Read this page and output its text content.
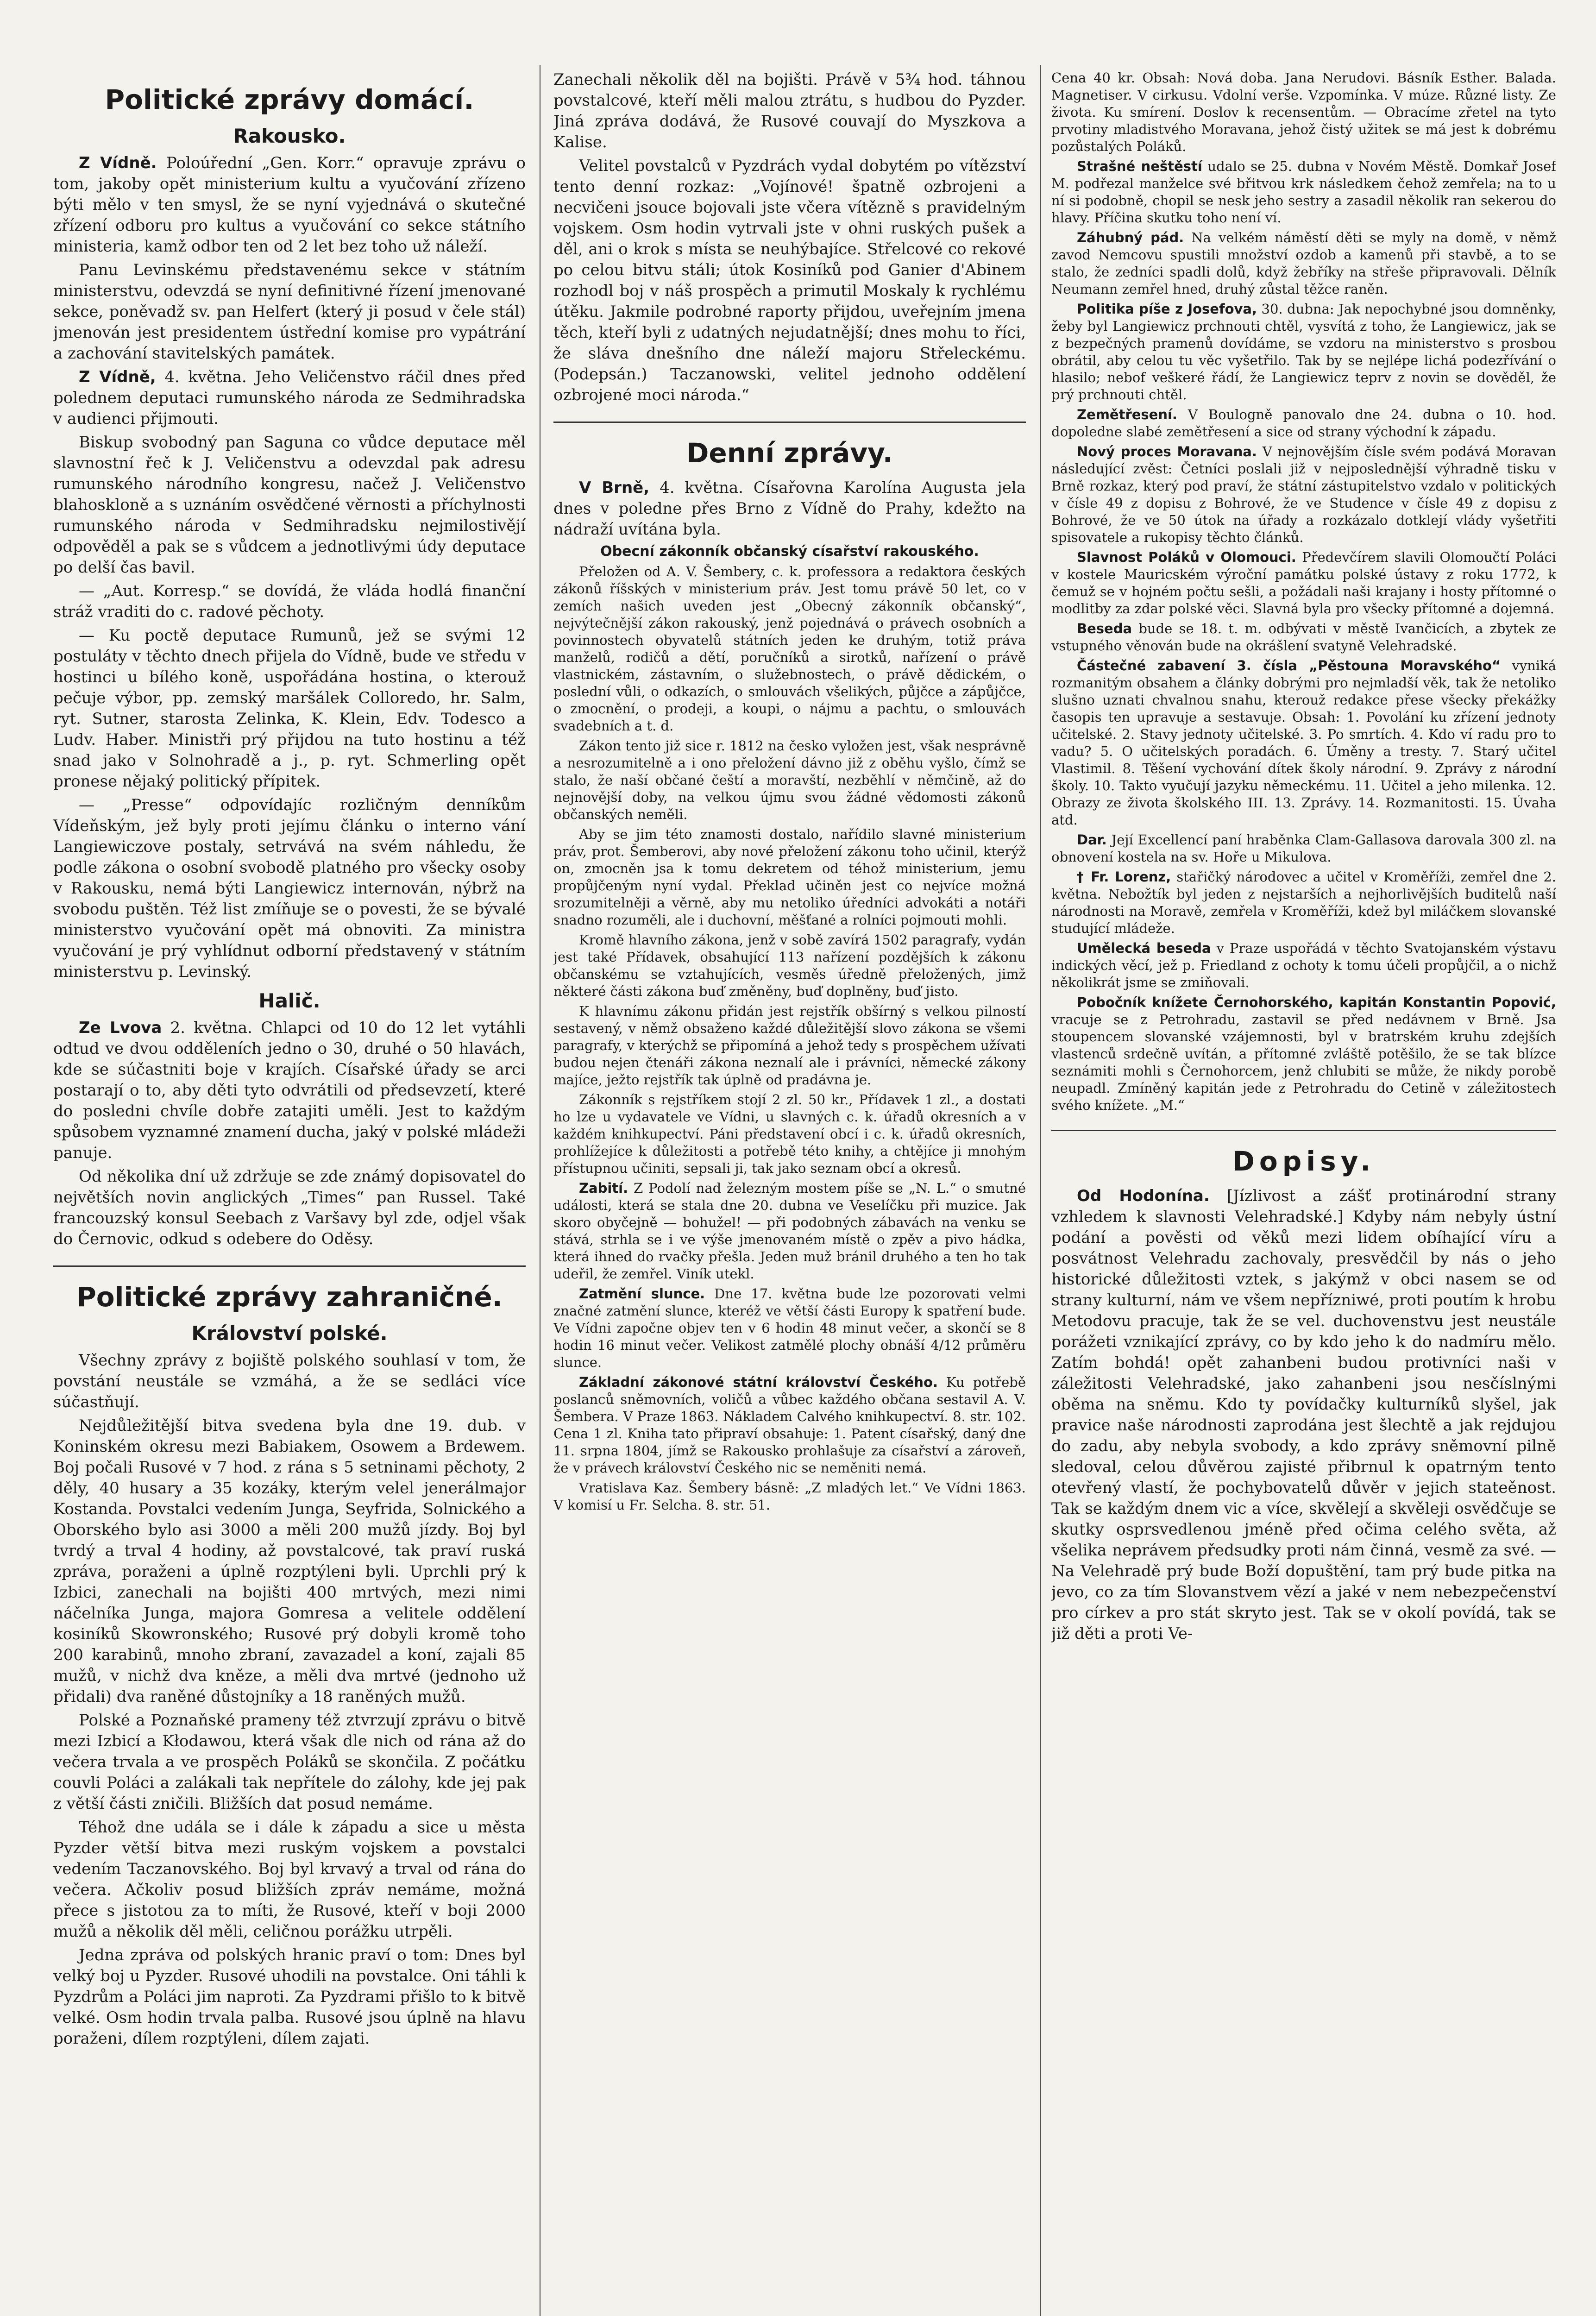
Politické zprávy domácí.
Rakousko.

Z Vídně. Poloúřední „Gen. Korr.“ opravuje zprávu o tom, jakoby opět ministerium kultu a vyučování zřízeno býti mělo v ten smysl, že se nyní vyjednává o skutečné zřízení odboru pro kultus a vyučování co sekce státního ministeria, kamž odbor ten od 2 let bez toho už náleží.

Panu Levinskému představenému sekce v státním ministerstvu, odevzdá se nyní definitivné řízení jmenované sekce, poněvadž sv. pan Helfert (který ji posud v čele stál) jmenován jest presidentem ústřední komise pro vypátrání a zachování stavitelských památek.

Z Vídně, 4. května. Jeho Veličenstvo ráčil dnes před polednem deputaci rumunského národa ze Sedmihradska v audienci přijmouti.

Biskup svobodný pan Saguna co vůdce deputace měl slavnostní řeč k J. Veličenstvu a odevzdal pak adresu rumunského národního kongresu, načež J. Veličenstvo blahoskloně a s uznáním osvědčené věrnosti a příchylnosti rumunského národa v Sedmihradsku nejmilostivějí odpověděl a pak se s vůdcem a jednotlivými údy deputace po delší čas bavil.

— „Aut. Korresp.“ se dovídá, že vláda hodlá finanční stráž vraditi do c. radové pěchoty.

— Ku poctě deputace Rumunů, jež se svými 12 postuláty v těchto dnech přijela do Vídně, bude ve středu v hostinci u bílého koně, uspořádána hostina, o kterouž pečuje výbor, pp. zemský maršálek Colloredo, hr. Salm, ryt. Sutner, starosta Zelinka, K. Klein, Edv. Todesco a Ludv. Haber. Ministři prý přijdou na tuto hostinu a též snad jako v Solnohradě a j., p. ryt. Schmerling opět pronese nějaký politický přípitek.

— „Presse“ odpovídajíc rozličným denníkům Vídeňským, jež byly proti jejímu článku o interno vání Langiewiczove postaly, setrvává na svém náhledu, že podle zákona o osobní svobodě platného pro všecky osoby v Rakousku, nemá býti Langiewicz internován, nýbrž na svobodu puštěn. Též list zmíňuje se o povesti, že se bývalé ministerstvo vyučování opět má obnoviti. Za ministra vyučování je prý vyhlídnut odborní představený v státním ministerstvu p. Levinský.

Halič.

Ze Lvova 2. května. Chlapci od 10 do 12 let vytáhli odtud ve dvou odděleních jedno o 30, druhé o 50 hlavách, kde se súčastniti boje v krajích. Císařské úřady se arci postarají o to, aby děti tyto odvrátili od předsevzetí, které do posledni chvíle dobře zatajiti uměli. Jest to každým spůsobem vyznamné znamení ducha, jaký v polské mládeži panuje.

Od několika dní už zdržuje se zde známý dopisovatel do největších novin anglických „Times“ pan Russel. Také francouzský konsul Seebach z Varšavy byl zde, odjel však do Černovic, odkud s odebere do Oděsy.

Politické zprávy zahraničné.
Království polské.

Všechny zprávy z bojiště polského souhlasí v tom, že povstání neustále se vzmáhá, a že se sedláci více súčastňují.

Nejdůležitější bitva svedena byla dne 19. dub. v Koninském okresu mezi Babiakem, Osowem a Brdewem. Boj počali Rusové v 7 hod. z rána s 5 setninami pěchoty, 2 děly, 40 husary a 35 kozáky, kterým velel jenerálmajor Kostanda. Povstalci vedením Junga, Seyfrida, Solnického a Oborského bylo asi 3000 a měli 200 mužů jízdy. Boj byl tvrdý a trval 4 hodiny, až povstalcové, tak praví ruská zpráva, poraženi a úplně rozptýleni byli. Uprchli prý k Izbici, zanechali na bojišti 400 mrtvých, mezi nimi náčelníka Junga, majora Gomresa a velitele oddělení kosiníků Skowronského; Rusové prý dobyli kromě toho 200 karabinů, mnoho zbraní, zavazadel a koní, zajali 85 mužů, v nichž dva kněze, a měli dva mrtvé (jednoho už přidali) dva raněné důstojníky a 18 raněných mužů.

Polské a Poznaňské prameny též ztvrzují zprávu o bitvě mezi Izbicí a Kłodawou, která však dle nich od rána až do večera trvala a ve prospěch Poláků se skončila. Z počátku couvli Poláci a zalákali tak nepřítele do zálohy, kde jej pak z větší části zničili. Bližších dat posud nemáme.

Téhož dne udála se i dále k západu a sice u města Pyzder větší bitva mezi ruským vojskem a povstalci vedením Taczanovského. Boj byl krvavý a trval od rána do večera. Ačkoliv posud bližších zpráv nemáme, možná přece s jistotou za to míti, že Rusové, kteří v boji 2000 mužů a několik děl měli, celičnou porážku utrpěli.

Jedna zpráva od polských hranic praví o tom: Dnes byl velký boj u Pyzder. Rusové uhodili na povstalce. Oni táhli k Pyzdrům a Poláci jim naproti. Za Pyzdrami přišlo to k bitvě velké. Osm hodin trvala palba. Rusové jsou úplně na hlavu poraženi, dílem rozptýleni, dílem zajati.

Zanechali několik děl na bojišti. Právě v 5¾ hod. táhnou povstalcové, kteří měli malou ztrátu, s hudbou do Pyzder. Jiná zpráva dodává, že Rusové couvají do Myszkova a Kalise.

Velitel povstalců v Pyzdrách vydal dobytém po vítězství tento denní rozkaz: „Vojínové! špatně ozbrojeni a necvičeni jsouce bojovali jste včera vítězně s pravidelným vojskem. Osm hodin vytrvali jste v ohni ruských pušek a děl, ani o krok s místa se neuhýbajíce. Střelcové co rekové po celou bitvu stáli; útok Kosiníků pod Ganier d'Abinem rozhodl boj v náš prospěch a primutil Moskaly k rychlému útěku. Jakmile podrobné raporty přijdou, uveřejním jmena těch, kteří byli z udatných nejudatnější; dnes mohu to říci, že sláva dnešního dne náleží majoru Střeleckému. (Podepsán.) Taczanowski, velitel jednoho oddělení ozbrojené moci národa.“

Denní zprávy.

V Brně, 4. května. Císařovna Karolína Augusta jela dnes v poledne přes Brno z Vídně do Prahy, kdežto na nádraží uvítána byla.

Obecní zákonník občanský císařství rakouského.

Přeložen od A. V. Šembery, c. k. professora a redaktora českých zákonů říšských v ministerium práv. Jest tomu právě 50 let, co v zemích našich uveden jest „Obecný zákonník občanský“, nejvýtečnější zákon rakouský, jenž pojednává o právech osobních a povinnostech obyvatelů státních jeden ke druhým, totiž práva manželů, rodičů a dětí, poručníků a sirotků, nařízení o právě vlastnickém, zástavním, o služebnostech, o právě dědickém, o poslední vůli, o odkazích, o smlouvách všelikých, půjčce a zápůjčce, o zmocnění, o prodeji, a koupi, o nájmu a pachtu, o smlouvách svadebních a t. d.

Zákon tento již sice r. 1812 na česko vyložen jest, však nesprávně a nesrozumitelně a i ono přeložení dávno již z oběhu vyšlo, čímž se stalo, že naší občané čeští a moravští, nezběhlí v němčině, až do nejnovější doby, na velkou újmu svou žádné vědomosti zákonů občanských neměli.

Aby se jim této znamosti dostalo, nařídilo slavné ministerium práv, prot. Šemberovi, aby nové přeložení zákonu toho učinil, kterýž on, zmocněn jsa k tomu dekretem od téhož ministerium, jemu propůjčeným nyní vydal. Překlad učiněn jest co nejvíce možná srozumitelněji a věrně, aby mu netoliko úředníci advokáti a notáři snadno rozuměli, ale i duchovní, měšťané a rolníci pojmouti mohli.

Kromě hlavního zákona, jenž v sobě zavírá 1502 paragrafy, vydán jest také Přídavek, obsahující 113 nařízení pozdějších k zákonu občanskému se vztahujících, vesměs úředně přeložených, jimž některé části zákona buď změněny, buď doplněny, buď jisto.

K hlavnímu zákonu přidán jest rejstřík obšírný s velkou pilností sestavený, v němž obsaženo každé důležitější slovo zákona se všemi paragrafy, v kterýchž se připomíná a jehož tedy s prospěchem užívati budou nejen čtenáři zákona neznalí ale i právníci, německé zákony majíce, ježto rejstřík tak úplně od pradávna je.

Zákonník s rejstříkem stojí 2 zl. 50 kr., Přídavek 1 zl., a dostati ho lze u vydavatele ve Vídni, u slavných c. k. úřadů okresních a v každém knihkupectví. Páni představení obcí i c. k. úřadů okresních, prohlížejíce k důležitosti a potřebě této knihy, a chtějíce ji mnohým přístupnou učiniti, sepsali ji, tak jako seznam obcí a okresů.

Zabití. Z Podolí nad železným mostem píše se „N. L.“ o smutné události, která se stala dne 20. dubna ve Veselíčku při muzice. Jak skoro obyčejně — bohužel! — při podobných zábavách na venku se stává, strhla se i ve výše jmenovaném místě o zpěv a pivo hádka, která ihned do rvačky přešla. Jeden muž bránil druhého a ten ho tak udeřil, že zemřel. Viník utekl.

Zatmění slunce. Dne 17. května bude lze pozorovati velmi značné zatmění slunce, kteréž ve větší části Europy k spatření bude. Ve Vídni započne objev ten v 6 hodin 48 minut večer, a skončí se 8 hodin 16 minut večer. Velikost zatmělé plochy obnáší 4/12 průměru slunce.

Základní zákonové státní království Českého. Ku potřebě poslanců sněmovních, voličů a vůbec každého občana sestavil A. V. Šembera. V Praze 1863. Nákladem Calvého knihkupectví. 8. str. 102. Cena 1 zl. Kniha tato připraví obsahuje: 1. Patent císařský, daný dne 11. srpna 1804, jímž se Rakousko prohlašuje za císařství a zároveň, že v právech království Českého nic se neměniti nemá.

Vratislava Kaz. Šembery básně: „Z mladých let.“ Ve Vídni 1863. V komisí u Fr. Selcha. 8. str. 51.

Cena 40 kr. Obsah: Nová doba. Jana Nerudovi. Básník Esther. Balada. Magnetiser. V cirkusu. Vdolní verše. Vzpomínka. V múze. Různé listy. Ze života. Ku smírení. Doslov k recensentům. — Obracíme zřetel na tyto prvotiny mladistvého Moravana, jehož čistý užitek se má jest k dobrému pozůstalých Poláků.

Strašné neštěstí udalo se 25. dubna v Novém Městě. Domkař Josef M. podřezal manželce své břitvou krk následkem čehož zemřela; na to u ní si podobně, chopil se nesk jeho sestry a zasadil několik ran sekerou do hlavy. Příčina skutku toho není ví.

Záhubný pád. Na velkém náměstí děti se myly na domě, v němž zavod Nemcovu spustili množství ozdob a kamenů při stavbě, a to se stalo, že zedníci spadli dolů, když žebříky na střeše připravovali. Dělník Neumann zemřel hned, druhý zůstal těžce raněn.

Politika píše z Josefova, 30. dubna: Jak nepochybné jsou domněnky, žeby byl Langiewicz prchnouti chtěl, vysvítá z toho, že Langiewicz, jak se z bezpečných pramenů dovídáme, se vzdoru na ministerstvo s prosbou obrátil, aby celou tu věc vyšetřilo. Tak by se nejlépe lichá podezřívání o hlasilo; nebof veškeré řádí, že Langiewicz teprv z novin se dověděl, že prý prchnouti chtěl.

Zemětřesení. V Boulogně panovalo dne 24. dubna o 10. hod. dopoledne slabé zemětřesení a sice od strany východní k západu.

Nový proces Moravana. V nejnovějším čísle svém podává Moravan následující zvěst: Četníci poslali již v nejposlednější výhradně tisku v Brně rozkaz, který pod praví, že státní zástupitelstvo vzdalo v politických v čísle 49 z dopisu z Bohrové, že ve Studence v čísle 49 z dopisu z Bohrové, že ve 50 útok na úřady a rozkázalo dotklejí vlády vyšetřiti spisovatele a rukopisy těchto článků.

Slavnost Poláků v Olomouci. Předevčírem slavili Olomoučtí Poláci v kostele Mauricském výroční památku polské ústavy z roku 1772, k čemuž se v hojném počtu sešli, a požádali naši krajany i hosty přítomné o modlitby za zdar polské věci. Slavná byla pro všecky přítomné a dojemná.

Beseda bude se 18. t. m. odbývati v městě Ivančicích, a zbytek ze vstupného věnován bude na okrášlení svatyně Velehradské.

Částečné zabavení 3. čísla „Pěstouna Moravského“ vyniká rozmanitým obsahem a články dobrými pro nejmladší věk, tak že netoliko slušno uznati chvalnou snahu, kterouž redakce přese všecky překážky časopis ten upravuje a sestavuje. Obsah: 1. Povolání ku zřízení jednoty učitelské. 2. Stavy jednoty učitelské. 3. Po smrtích. 4. Kdo ví radu pro to vadu? 5. O učitelských poradách. 6. Úměny a tresty. 7. Starý učitel Vlastimil. 8. Těšení vychování dítek školy národní. 9. Zprávy z národní školy. 10. Takto vyučují jazyku německému. 11. Učitel a jeho milenka. 12. Obrazy ze života školského III. 13. Zprávy. 14. Rozmanitosti. 15. Úvaha atd.

Dar. Její Excellencí paní hraběnka Clam-Gallasova darovala 300 zl. na obnovení kostela na sv. Hoře u Mikulova.

† Fr. Lorenz, stařičký národovec a učitel v Kroměříži, zemřel dne 2. května. Nebožtík byl jeden z nejstarších a nejhorlivějších buditelů naší národnosti na Moravě, zemřela v Kroměříži, kdež byl miláčkem slovanské studující mládeže.

Umělecká beseda v Praze uspořádá v těchto Svatojanském výstavu indických věcí, jež p. Friedland z ochoty k tomu účeli propůjčil, a o nichž několikrát jsme se zmiňovali.

Pobočník knížete Černohorského, kapitán Konstantin Popović, vracuje se z Petrohradu, zastavil se před nedávnem v Brně. Jsa stoupencem slovanské vzájemnosti, byl v bratrském kruhu zdejších vlastenců srdečně uvítán, a přítomné zvláště potěšilo, že se tak blízce seznámiti mohli s Černohorcem, jenž chlubiti se může, že nikdy porobě neupadl. Zmíněný kapitán jede z Petrohradu do Cetině v záležitostech svého knížete. „M.“

Dopisy.

Od Hodonína. [Jízlivost a zášť protinárodní strany vzhledem k slavnosti Velehradské.] Kdyby nám nebyly ústní podání a pověsti od věků mezi lidem obíhající víru a posvátnost Velehradu zachovaly, presvědčil by nás o jeho historické důležitosti vztek, s jakýmž v obci nasem se od strany kulturní, nám ve všem nepřízniwé, proti poutím k hrobu Metodovu pracuje, tak že se vel. duchovenstvu jest neustále porážeti vznikající zprávy, co by kdo jeho k do nadmíru mělo. Zatím bohdá! opět zahanbeni budou protivníci naši v záležitosti Velehradské, jako zahanbeni jsou nesčíslnými oběma na sněmu. Kdo ty povídačky kulturníků slyšel, jak pravice naše národnosti zaprodána jest šlechtě a jak rejdujou do zadu, aby nebyla svobody, a kdo zprávy sněmovní pilně sledoval, celou důvěrou zajisté přibrnul k opatrným tento otevřený vlastí, že pochybovatelů důvěr v jejich stateěnost. Tak se každým dnem vic a více, skvělejí a skvěleji osvědčuje se skutky osprsvedlenou jméně před očima celého světa, až všelika neprávem předsudky proti nám činná, vesmě za své. — Na Velehradě prý bude Boží dopuštění, tam prý bude pitka na jevo, co za tím Slovanstvem vězí a jaké v nem nebezpečenství pro církev a pro stát skryto jest. Tak se v okolí povídá, tak se již děti a proti Ve-
